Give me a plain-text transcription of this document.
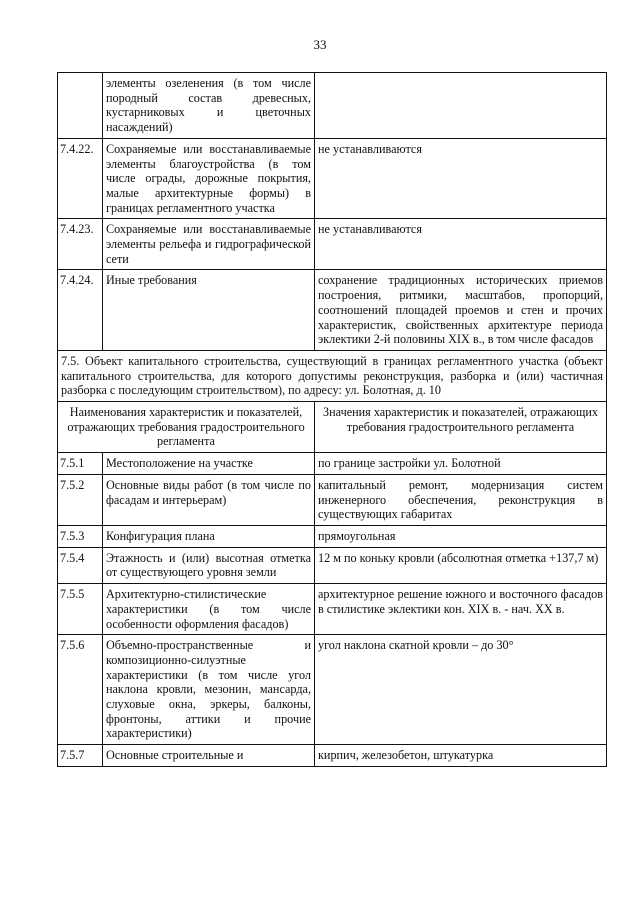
33
	элементы озеленения (в том числе породный состав древесных, кустарниковых и цветочных насаждений)	
7.4.22.	Сохраняемые или восстанавливаемые элементы благоустройства (в том числе ограды, дорожные покрытия, малые архитектурные формы) в границах регламентного участка	не устанавливаются
7.4.23.	Сохраняемые или восстанавливаемые элементы рельефа и гидрографической сети	не устанавливаются
7.4.24.	Иные требования	сохранение традиционных исторических приемов построения, ритмики, масштабов, пропорций, соотношений площадей проемов и стен и прочих характеристик, свойственных архитектуре периода эклектики 2-й половины XIX в., в том числе фасадов
7.5. Объект капитального строительства, существующий в границах регламентного участка (объект капитального строительства, для которого допустимы реконструкция, разборка и (или) частичная разборка с последующим строительством), по адресу: ул. Болотная, д. 10		
Наименования характеристик и показателей, отражающих требования градостроительного регламента		Значения характеристик и показателей, отражающих требования градостроительного регламента
7.5.1	Местоположение на участке	по границе застройки ул. Болотной
7.5.2	Основные виды работ (в том числе по фасадам и интерьерам)	капитальный ремонт, модернизация систем инженерного обеспечения, реконструкция в существующих габаритах
7.5.3	Конфигурация плана	прямоугольная
7.5.4	Этажность и (или) высотная отметка от существующего уровня земли	12 м по коньку кровли (абсолютная отметка +137,7 м)
7.5.5	Архитектурно-стилистические характеристики (в том числе особенности оформления фасадов)	архитектурное решение южного и восточного фасадов в стилистике эклектики кон. XIX в. - нач. XX в.
7.5.6	Объемно-пространственные и композиционно-силуэтные характеристики (в том числе угол наклона кровли, мезонин, мансарда, слуховые окна, эркеры, балконы, фронтоны, аттики и прочие характеристики)	угол наклона скатной кровли – до 30°
7.5.7	Основные строительные и	кирпич, железобетон, штукатурка
